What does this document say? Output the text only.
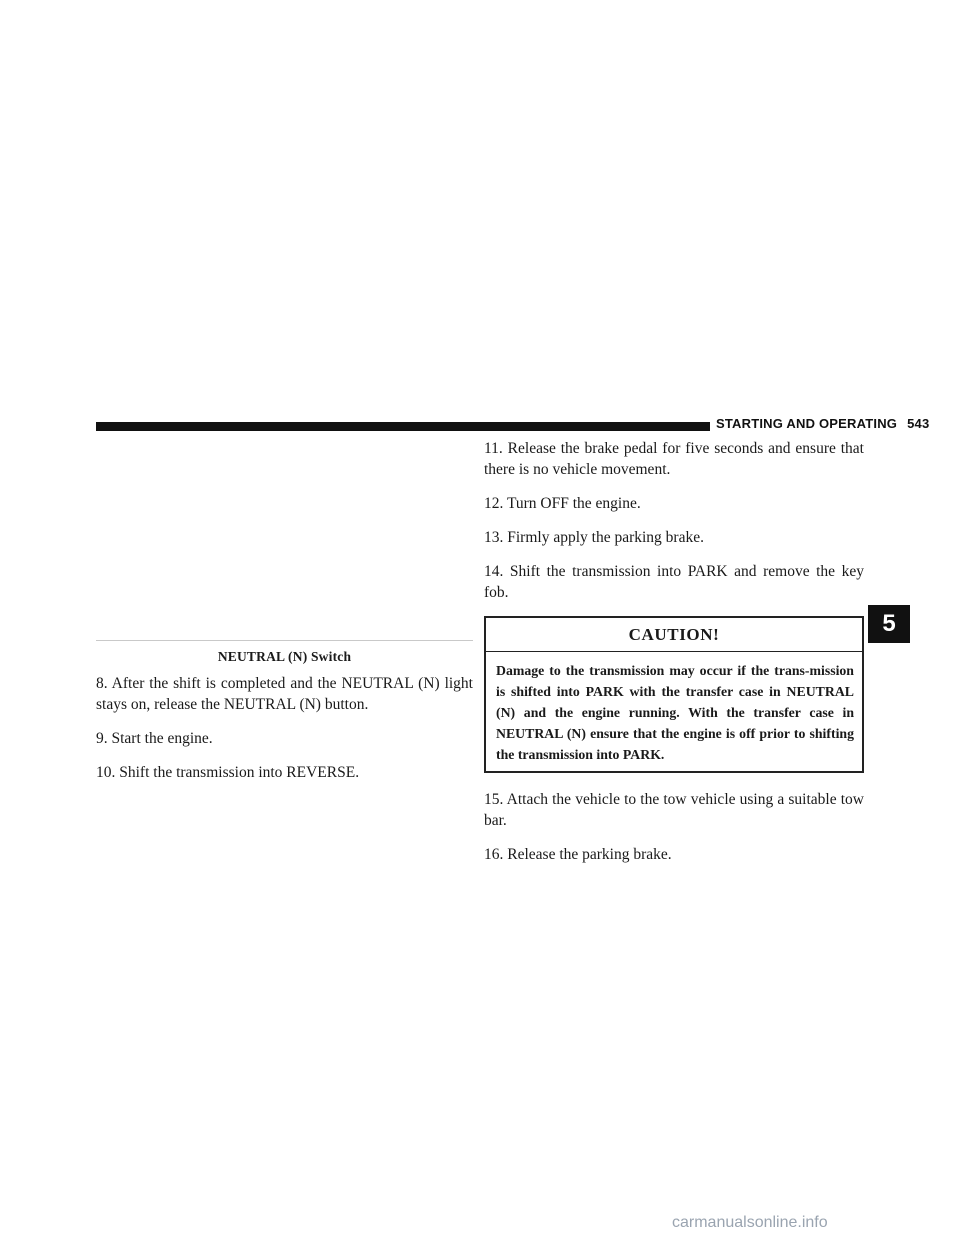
STARTING AND OPERATING 543
NEUTRAL (N) Switch

8. After the shift is completed and the NEUTRAL (N) light stays on, release the NEUTRAL (N) button.

9. Start the engine.

10. Shift the transmission into REVERSE.

11. Release the brake pedal for five seconds and ensure that there is no vehicle movement.

12. Turn OFF the engine.

13. Firmly apply the parking brake.

14. Shift the transmission into PARK and remove the key fob.

CAUTION!
Damage to the transmission may occur if the trans-mission is shifted into PARK with the transfer case in NEUTRAL (N) and the engine running. With the transfer case in NEUTRAL (N) ensure that the engine is off prior to shifting the transmission into PARK.

15. Attach the vehicle to the tow vehicle using a suitable tow bar.

16. Release the parking brake.

5
carmanualsonline.info
